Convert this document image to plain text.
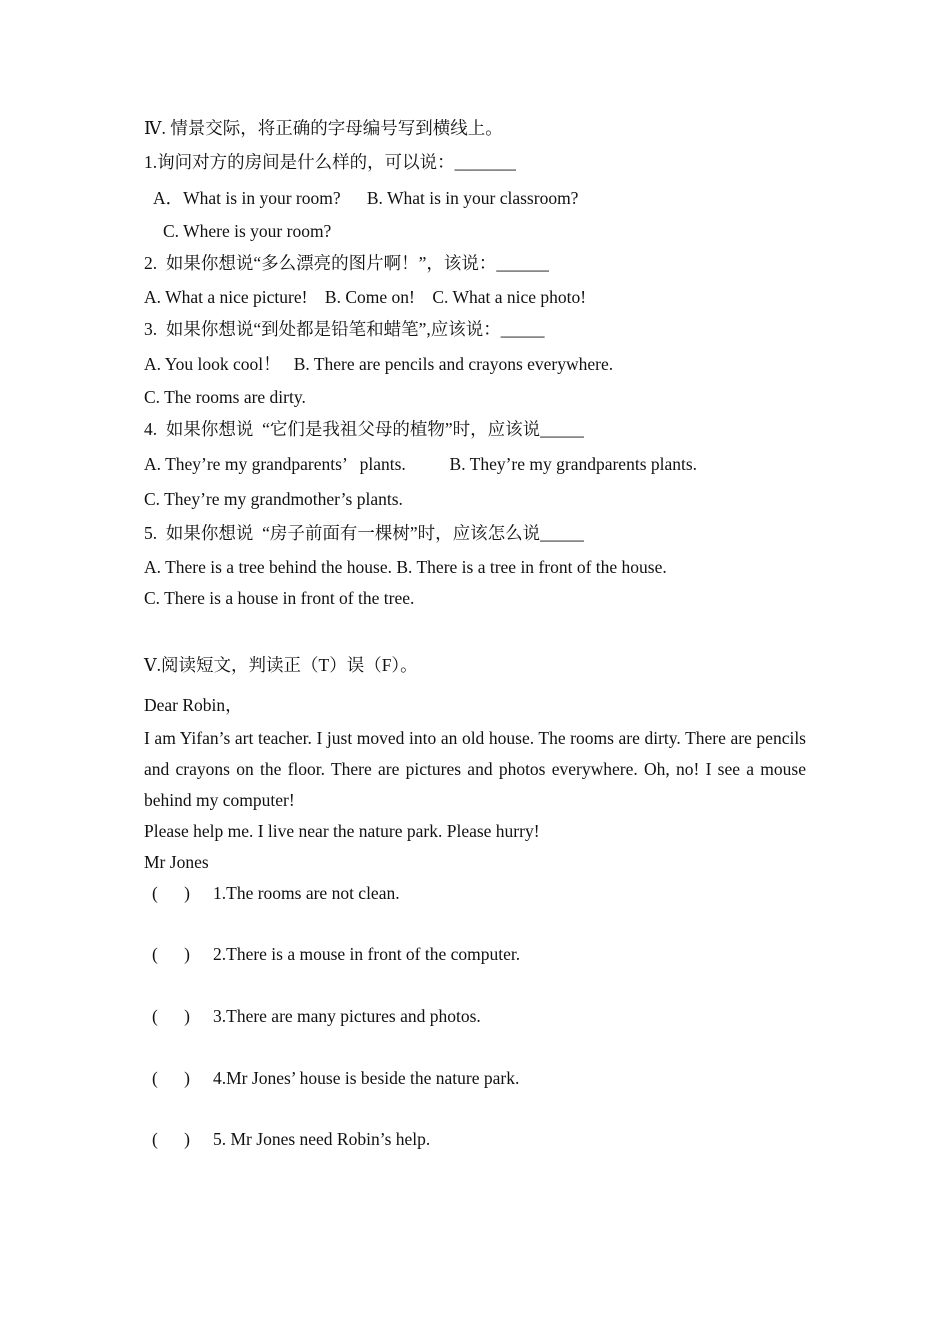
Ⅳ. 情景交际，将正确的字母编号写到横线上。
1.询问对方的房间是什么样的，可以说：_______
A．What is in your room?      B. What is in your classroom?
C. Where is your room?
2.  如果你想说“多么漂亮的图片啊！”，该说：______
A. What a nice picture!    B. Come on!    C. What a nice photo!
3.  如果你想说“到处都是铅笔和蜡笔”,应该说：_____
A. You look cool！   B. There are pencils and crayons everywhere.
C. The rooms are dirty.
4.  如果你想说  “它们是我祖父母的植物”时，应该说_____
A. They’re my grandparents’   plants.          B. They’re my grandparents plants.
C. They’re my grandmother’s plants.
5.  如果你想说  “房子前面有一棵树”时，应该怎么说_____
A. There is a tree behind the house. B. There is a tree in front of the house.
C. There is a house in front of the tree.
Ⅴ.阅读短文，判读正（T）误（F）。
Dear Robin，
I am Yifan’s art teacher. I just moved into an old house. The rooms are dirty. There are pencils and crayons on the floor. There are pictures and photos everywhere. Oh, no! I see a mouse behind my computer!
Please help me. I live near the nature park. Please hurry!
Mr Jones
(      ) 1.The rooms are not clean.
(      ) 2.There is a mouse in front of the computer.
(      ) 3.There are many pictures and photos.
(      ) 4.Mr Jones’ house is beside the nature park.
(      ) 5. Mr Jones need Robin’s help.
